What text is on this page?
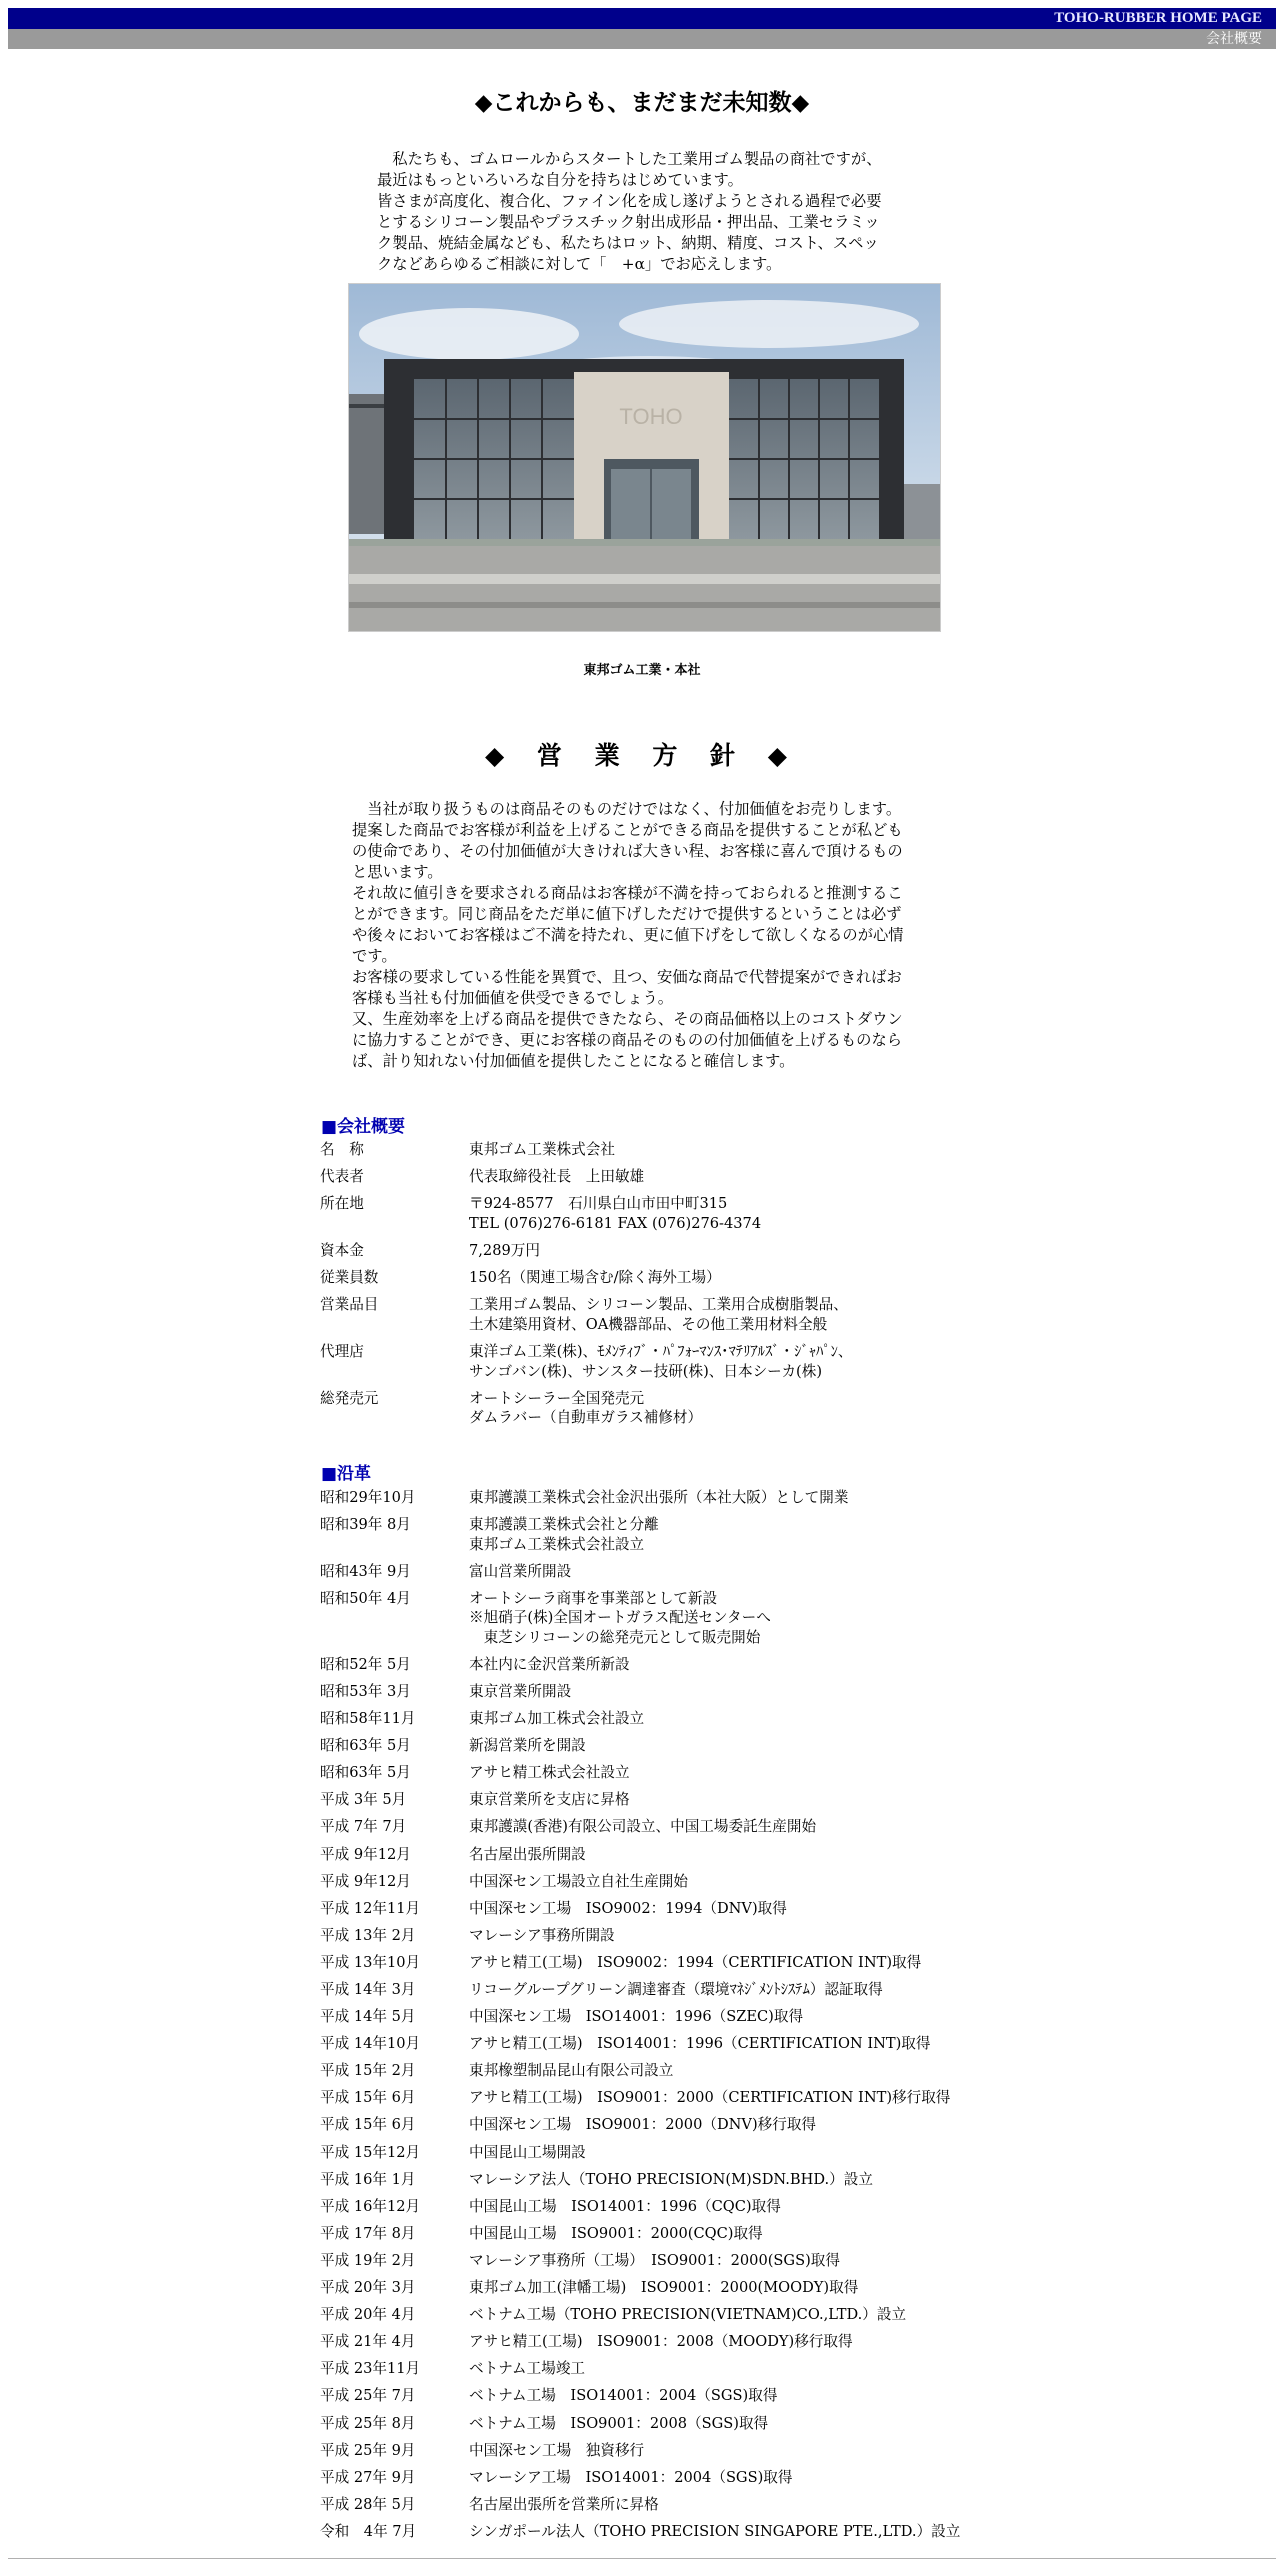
TOHO-RUBBER HOME PAGE
会社概要
◆これからも、まだまだ未知数◆
　私たちも、ゴムロールからスタートした工業用ゴム製品の商社ですが、
最近はもっといろいろな自分を持ちはじめています。
皆さまが高度化、複合化、ファイン化を成し遂げようとされる過程で必要
とするシリコーン製品やプラスチック射出成形品・押出品、工業セラミッ
ク製品、焼結金属なども、私たちはロット、納期、精度、コスト、スペッ
クなどあらゆるご相談に対して「　+α」でお応えします。
TOHO
東邦ゴム工業・本社
◆ 営 業 方 針 ◆
　当社が取り扱うものは商品そのものだけではなく、付加価値をお売りします。
提案した商品でお客様が利益を上げることができる商品を提供することが私ども
の使命であり、その付加価値が大きければ大きい程、お客様に喜んで頂けるもの
と思います。
それ故に値引きを要求される商品はお客様が不満を持っておられると推測するこ
とができます。同じ商品をただ単に値下げしただけで提供するということは必ず
や後々においてお客様はご不満を持たれ、更に値下げをして欲しくなるのが心情
です。
お客様の要求している性能を異質で、且つ、安価な商品で代替提案ができればお
客様も当社も付加価値を供受できるでしょう。
又、生産効率を上げる商品を提供できたなら、その商品価格以上のコストダウン
に協力することができ、更にお客様の商品そのものの付加価値を上げるものなら
ば、計り知れない付加価値を提供したことになると確信します。
■会社概要
名　称	東邦ゴム工業株式会社
代表者	代表取締役社長　上田敏雄
所在地	〒924-8577　石川県白山市田中町315
TEL (076)276-6181 FAX (076)276-4374
資本金	7,289万円
従業員数	150名（関連工場含む/除く海外工場）
営業品目	工業用ゴム製品、シリコーン製品、工業用合成樹脂製品、
土木建築用資材、OA機器部品、その他工業用材料全般
代理店	東洋ゴム工業(株)、ﾓﾒﾝﾃｨﾌﾞ・ﾊﾟﾌｫｰﾏﾝｽ･ﾏﾃﾘｱﾙｽﾞ・ｼﾞｬﾊﾟﾝ、
サンゴバン(株)、サンスター技研(株)、日本シーカ(株)
総発売元	オートシーラー全国発売元
ダムラバー（自動車ガラス補修材）
■沿革
昭和29年10月	東邦護謨工業株式会社金沢出張所（本社大阪）として開業
昭和39年 8月	東邦護謨工業株式会社と分離
東邦ゴム工業株式会社設立
昭和43年 9月	富山営業所開設
昭和50年 4月	オートシーラ商事を事業部として新設
※旭硝子(株)全国オートガラス配送センターへ
　東芝シリコーンの総発売元として販売開始
昭和52年 5月	本社内に金沢営業所新設
昭和53年 3月	東京営業所開設
昭和58年11月	東邦ゴム加工株式会社設立
昭和63年 5月	新潟営業所を開設
昭和63年 5月	アサヒ精工株式会社設立
平成 3年 5月	東京営業所を支店に昇格
平成 7年 7月	東邦護謨(香港)有限公司設立、中国工場委託生産開始
平成 9年12月	名古屋出張所開設
平成 9年12月	中国深セン工場設立自社生産開始
平成 12年11月	中国深セン工場　ISO9002：1994（DNV)取得
平成 13年 2月	マレーシア事務所開設
平成 13年10月	アサヒ精工(工場)　ISO9002：1994（CERTIFICATION INT)取得
平成 14年 3月	リコーグループグリーン調達審査（環境ﾏﾈｼﾞﾒﾝﾄｼｽﾃﾑ）認証取得
平成 14年 5月	中国深セン工場　ISO14001：1996（SZEC)取得
平成 14年10月	アサヒ精工(工場)　ISO14001：1996（CERTIFICATION INT)取得
平成 15年 2月	東邦橡塑制品昆山有限公司設立
平成 15年 6月	アサヒ精工(工場)　ISO9001：2000（CERTIFICATION INT)移行取得
平成 15年 6月	中国深セン工場　ISO9001：2000（DNV)移行取得
平成 15年12月	中国昆山工場開設
平成 16年 1月	マレーシア法人（TOHO PRECISION(M)SDN.BHD.）設立
平成 16年12月	中国昆山工場　ISO14001：1996（CQC)取得
平成 17年 8月	中国昆山工場　ISO9001：2000(CQC)取得
平成 19年 2月	マレーシア事務所（工場）　ISO9001：2000(SGS)取得
平成 20年 3月	東邦ゴム加工(津幡工場)　ISO9001：2000(MOODY)取得
平成 20年 4月	ベトナム工場（TOHO PRECISION(VIETNAM)CO.,LTD.）設立
平成 21年 4月	アサヒ精工(工場)　ISO9001：2008（MOODY)移行取得
平成 23年11月	ベトナム工場竣工
平成 25年 7月	ベトナム工場　ISO14001：2004（SGS)取得
平成 25年 8月	ベトナム工場　ISO9001：2008（SGS)取得
平成 25年 9月	中国深セン工場　独資移行
平成 27年 9月	マレーシア工場　ISO14001：2004（SGS)取得
平成 28年 5月	名古屋出張所を営業所に昇格
令和　4年 7月	シンガポール法人（TOHO PRECISION SINGAPORE PTE.,LTD.）設立
